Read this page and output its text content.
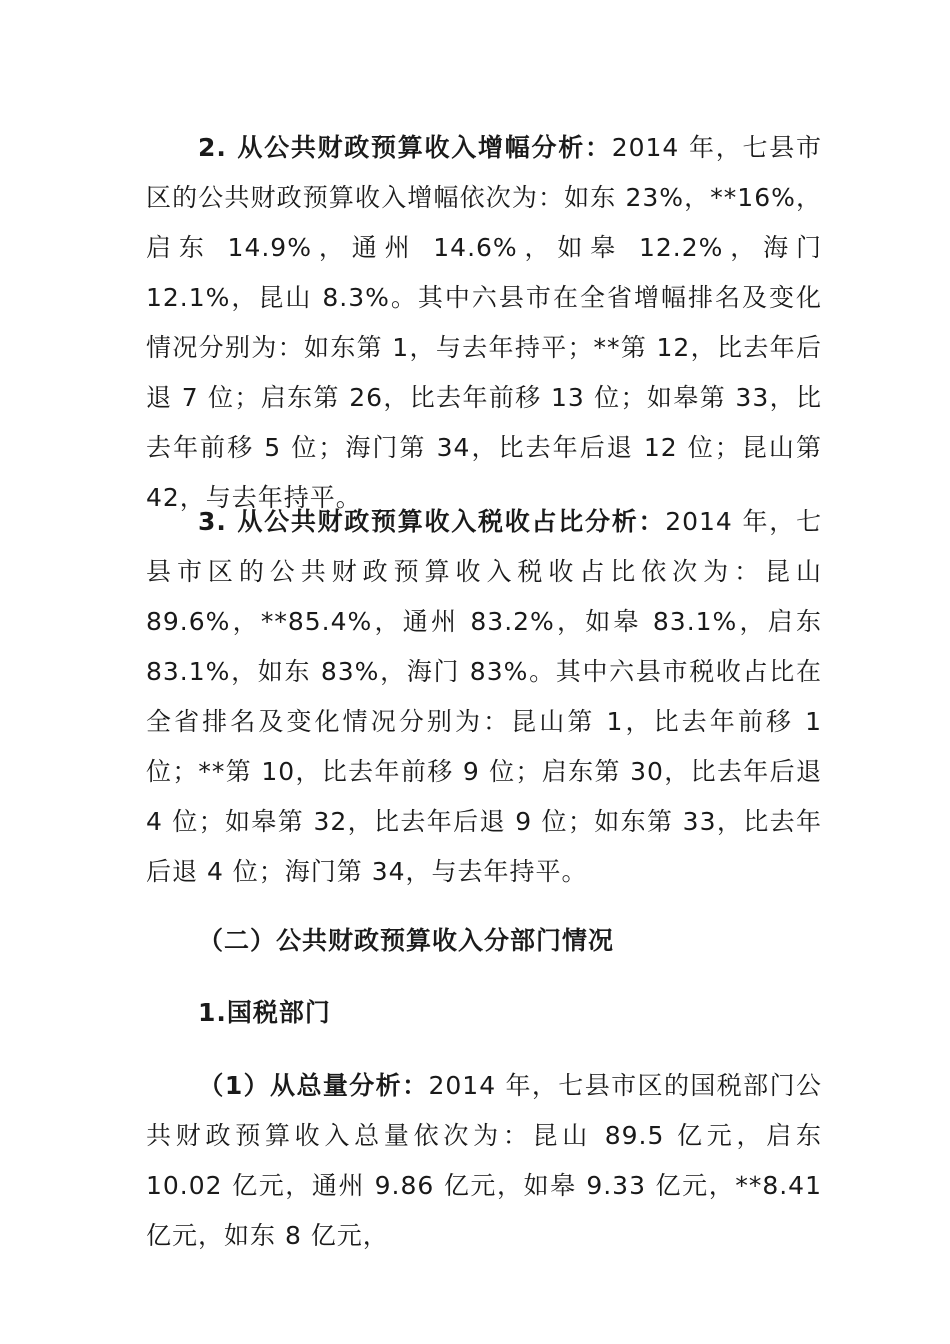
2. 从公共财政预算收入增幅分析：2014 年，七县市区的公共财政预算收入增幅依次为：如东 23%，**16%，启东 14.9%，通州 14.6%，如皋 12.2%，海门 12.1%，昆山 8.3%。其中六县市在全省增幅排名及变化情况分别为：如东第 1，与去年持平；**第 12，比去年后退 7 位；启东第 26，比去年前移 13 位；如皋第 33，比去年前移 5 位；海门第 34，比去年后退 12 位；昆山第 42，与去年持平。

3. 从公共财政预算收入税收占比分析：2014 年，七县市区的公共财政预算收入税收占比依次为：昆山 89.6%，**85.4%，通州 83.2%，如皋 83.1%，启东 83.1%，如东 83%，海门 83%。其中六县市税收占比在全省排名及变化情况分别为：昆山第 1，比去年前移 1 位；**第 10，比去年前移 9 位；启东第 30，比去年后退 4 位；如皋第 32，比去年后退 9 位；如东第 33，比去年后退 4 位；海门第 34，与去年持平。

（二）公共财政预算收入分部门情况

1.国税部门

（1）从总量分析：2014 年，七县市区的国税部门公共财政预算收入总量依次为：昆山 89.5 亿元，启东 10.02 亿元，通州 9.86 亿元，如皋 9.33 亿元，**8.41 亿元，如东 8 亿元，
